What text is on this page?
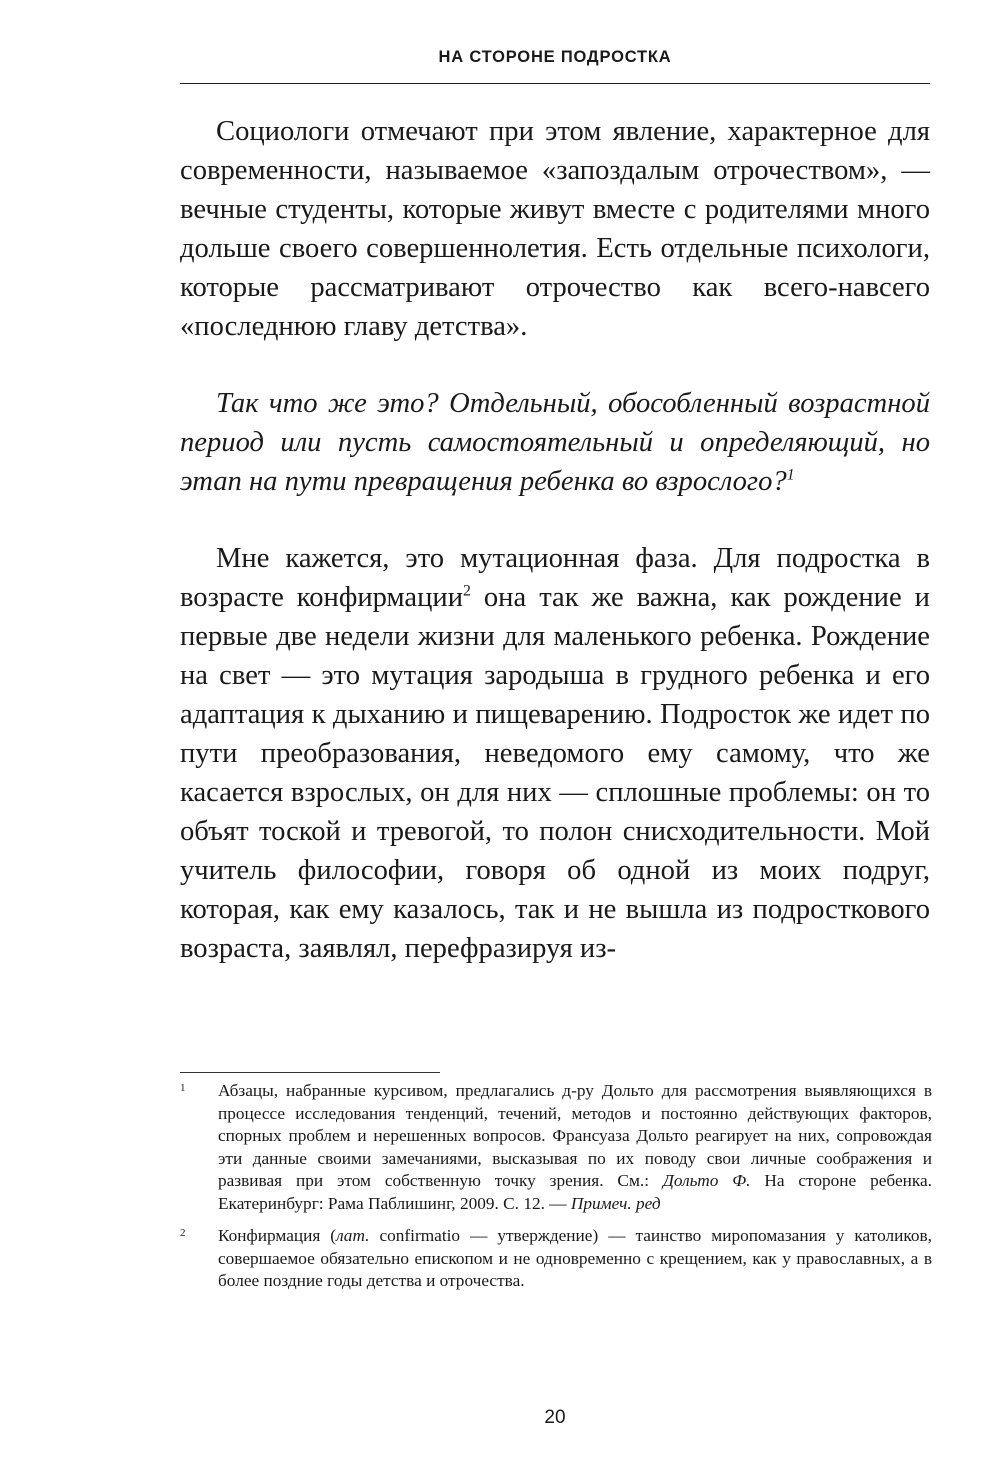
НА СТОРОНЕ ПОДРОСТКА

Социологи отмечают при этом явление, характерное для современности, называемое «запоздалым отрочеством», — вечные студенты, которые живут вместе с родителями много дольше своего совершеннолетия. Есть отдельные психологи, которые рассматривают отрочество как всего-навсего «последнюю главу детства».

Так что же это? Отдельный, обособленный возрастной период или пусть самостоятельный и определяющий, но этап на пути превращения ребенка во взрослого?$^1$

Мне кажется, это мутационная фаза. Для подростка в возрасте конфирмации$^2$ она так же важна, как рождение и первые две недели жизни для маленького ребенка. Рождение на свет — это мутация зародыша в грудного ребенка и его адаптация к дыханию и пищеварению. Подросток же идет по пути преобразования, неведомого ему самому, что же касается взрослых, он для них — сплошные проблемы: он то объят тоской и тревогой, то полон снисходительности. Мой учитель философии, говоря об одной из моих подруг, которая, как ему казалось, так и не вышла из подросткового возраста, заявлял, перефразируя из-

1 Абзацы, набранные курсивом, предлагались д-ру Дольто для рассмотрения выявляющихся в процессе исследования тенденций, течений, методов и постоянно действующих факторов, спорных проблем и нерешенных вопросов. Франсуаза Дольто реагирует на них, сопровождая эти данные своими замечаниями, высказывая по их поводу свои личные соображения и развивая при этом собственную точку зрения. См.: Дольто Ф. На стороне ребенка. Екатеринбург: Рама Паблишинг, 2009. С. 12. — Примеч. ред

2 Конфирмация (лат. confirmatio — утверждение) — таинство миропомазания у католиков, совершаемое обязательно епископом и не одновременно с крещением, как у православных, а в более поздние годы детства и отрочества.

20
